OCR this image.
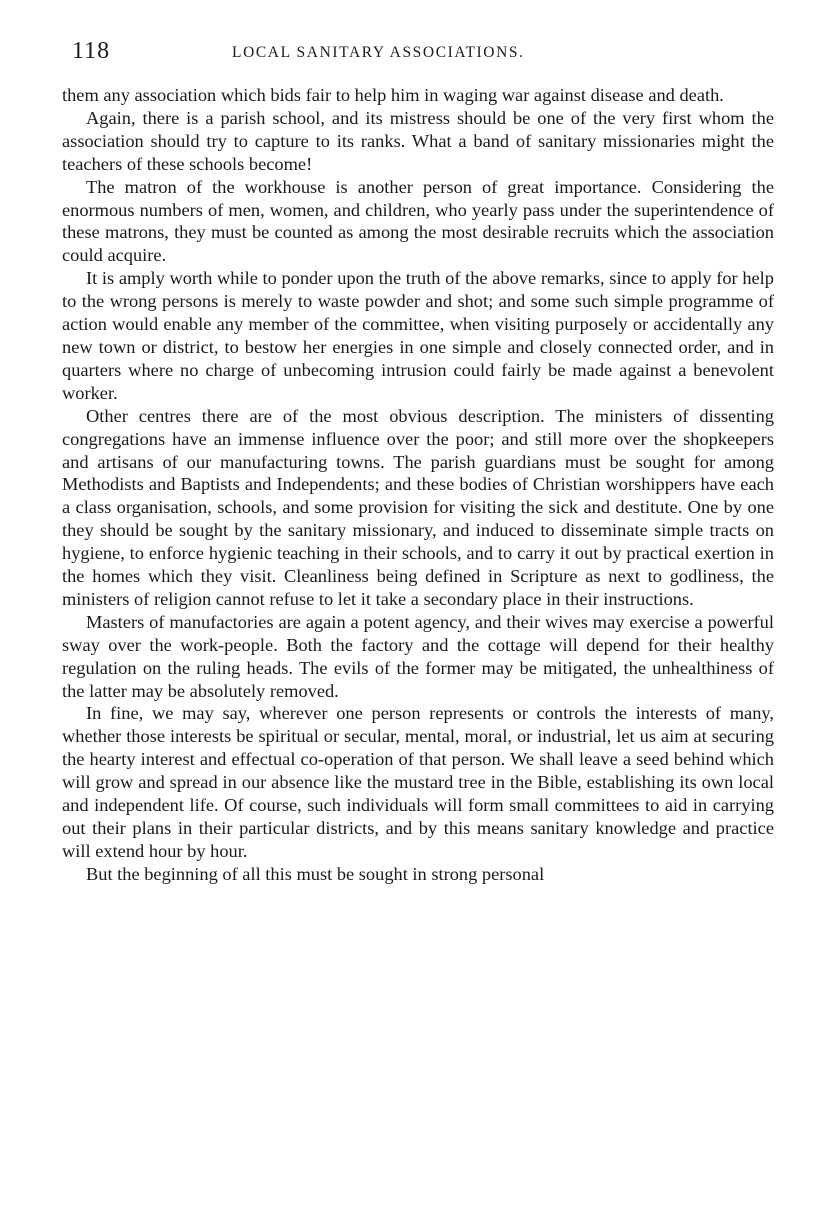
118	LOCAL SANITARY ASSOCIATIONS.

them any association which bids fair to help him in waging war against disease and death.

Again, there is a parish school, and its mistress should be one of the very first whom the association should try to capture to its ranks. What a band of sanitary missionaries might the teachers of these schools become!

The matron of the workhouse is another person of great importance. Considering the enormous numbers of men, women, and children, who yearly pass under the superintendence of these matrons, they must be counted as among the most desirable recruits which the association could acquire.

It is amply worth while to ponder upon the truth of the above remarks, since to apply for help to the wrong persons is merely to waste powder and shot; and some such simple programme of action would enable any member of the committee, when visiting purposely or accidentally any new town or district, to bestow her energies in one simple and closely connected order, and in quarters where no charge of unbecoming intrusion could fairly be made against a benevolent worker.

Other centres there are of the most obvious description. The ministers of dissenting congregations have an immense influence over the poor; and still more over the shopkeepers and artisans of our manufacturing towns. The parish guardians must be sought for among Methodists and Baptists and Independents; and these bodies of Christian worshippers have each a class organisation, schools, and some provision for visiting the sick and destitute. One by one they should be sought by the sanitary missionary, and induced to disseminate simple tracts on hygiene, to enforce hygienic teaching in their schools, and to carry it out by practical exertion in the homes which they visit. Cleanliness being defined in Scripture as next to godliness, the ministers of religion cannot refuse to let it take a secondary place in their instructions.

Masters of manufactories are again a potent agency, and their wives may exercise a powerful sway over the work-people. Both the factory and the cottage will depend for their healthy regulation on the ruling heads. The evils of the former may be mitigated, the unhealthiness of the latter may be absolutely removed.

In fine, we may say, wherever one person represents or controls the interests of many, whether those interests be spiritual or secular, mental, moral, or industrial, let us aim at securing the hearty interest and effectual co-operation of that person. We shall leave a seed behind which will grow and spread in our absence like the mustard tree in the Bible, establishing its own local and independent life. Of course, such individuals will form small committees to aid in carrying out their plans in their particular districts, and by this means sanitary knowledge and practice will extend hour by hour.

But the beginning of all this must be sought in strong personal
